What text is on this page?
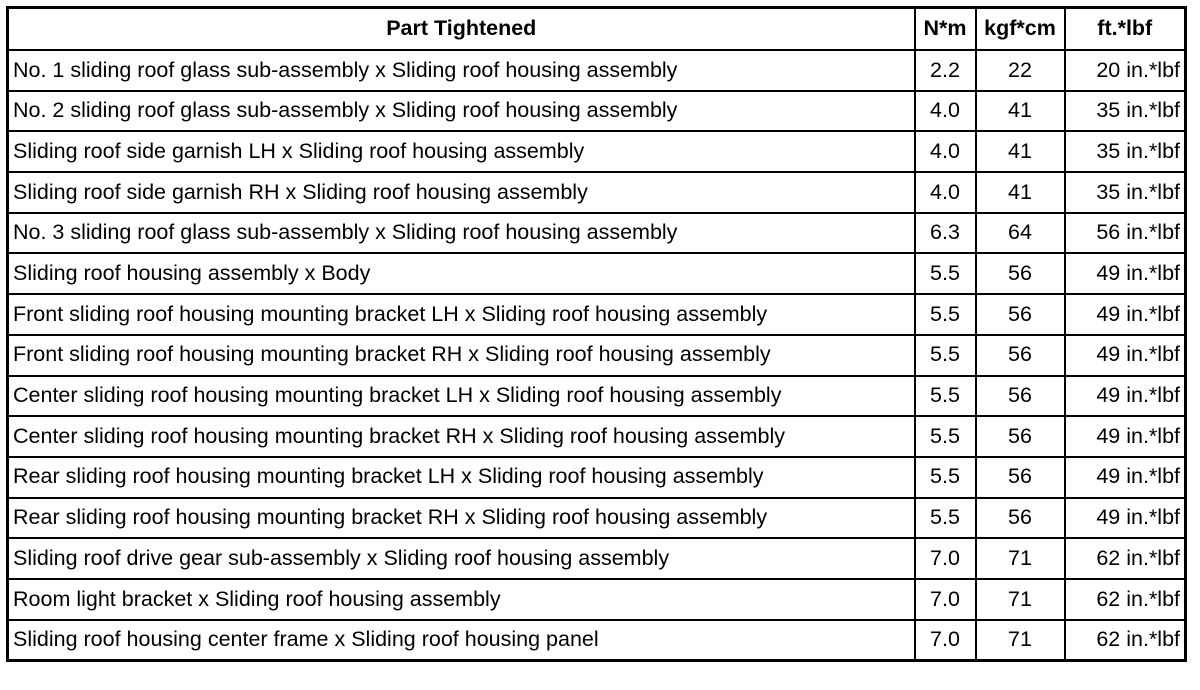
Part Tightened	N*m	kgf*cm	ft.*lbf
No. 1 sliding roof glass sub-assembly x Sliding roof housing assembly	2.2	22	20 in.*lbf
No. 2 sliding roof glass sub-assembly x Sliding roof housing assembly	4.0	41	35 in.*lbf
Sliding roof side garnish LH x Sliding roof housing assembly	4.0	41	35 in.*lbf
Sliding roof side garnish RH x Sliding roof housing assembly	4.0	41	35 in.*lbf
No. 3 sliding roof glass sub-assembly x Sliding roof housing assembly	6.3	64	56 in.*lbf
Sliding roof housing assembly x Body	5.5	56	49 in.*lbf
Front sliding roof housing mounting bracket LH x Sliding roof housing assembly	5.5	56	49 in.*lbf
Front sliding roof housing mounting bracket RH x Sliding roof housing assembly	5.5	56	49 in.*lbf
Center sliding roof housing mounting bracket LH x Sliding roof housing assembly	5.5	56	49 in.*lbf
Center sliding roof housing mounting bracket RH x Sliding roof housing assembly	5.5	56	49 in.*lbf
Rear sliding roof housing mounting bracket LH x Sliding roof housing assembly	5.5	56	49 in.*lbf
Rear sliding roof housing mounting bracket RH x Sliding roof housing assembly	5.5	56	49 in.*lbf
Sliding roof drive gear sub-assembly x Sliding roof housing assembly	7.0	71	62 in.*lbf
Room light bracket x Sliding roof housing assembly	7.0	71	62 in.*lbf
Sliding roof housing center frame x Sliding roof housing panel	7.0	71	62 in.*lbf
